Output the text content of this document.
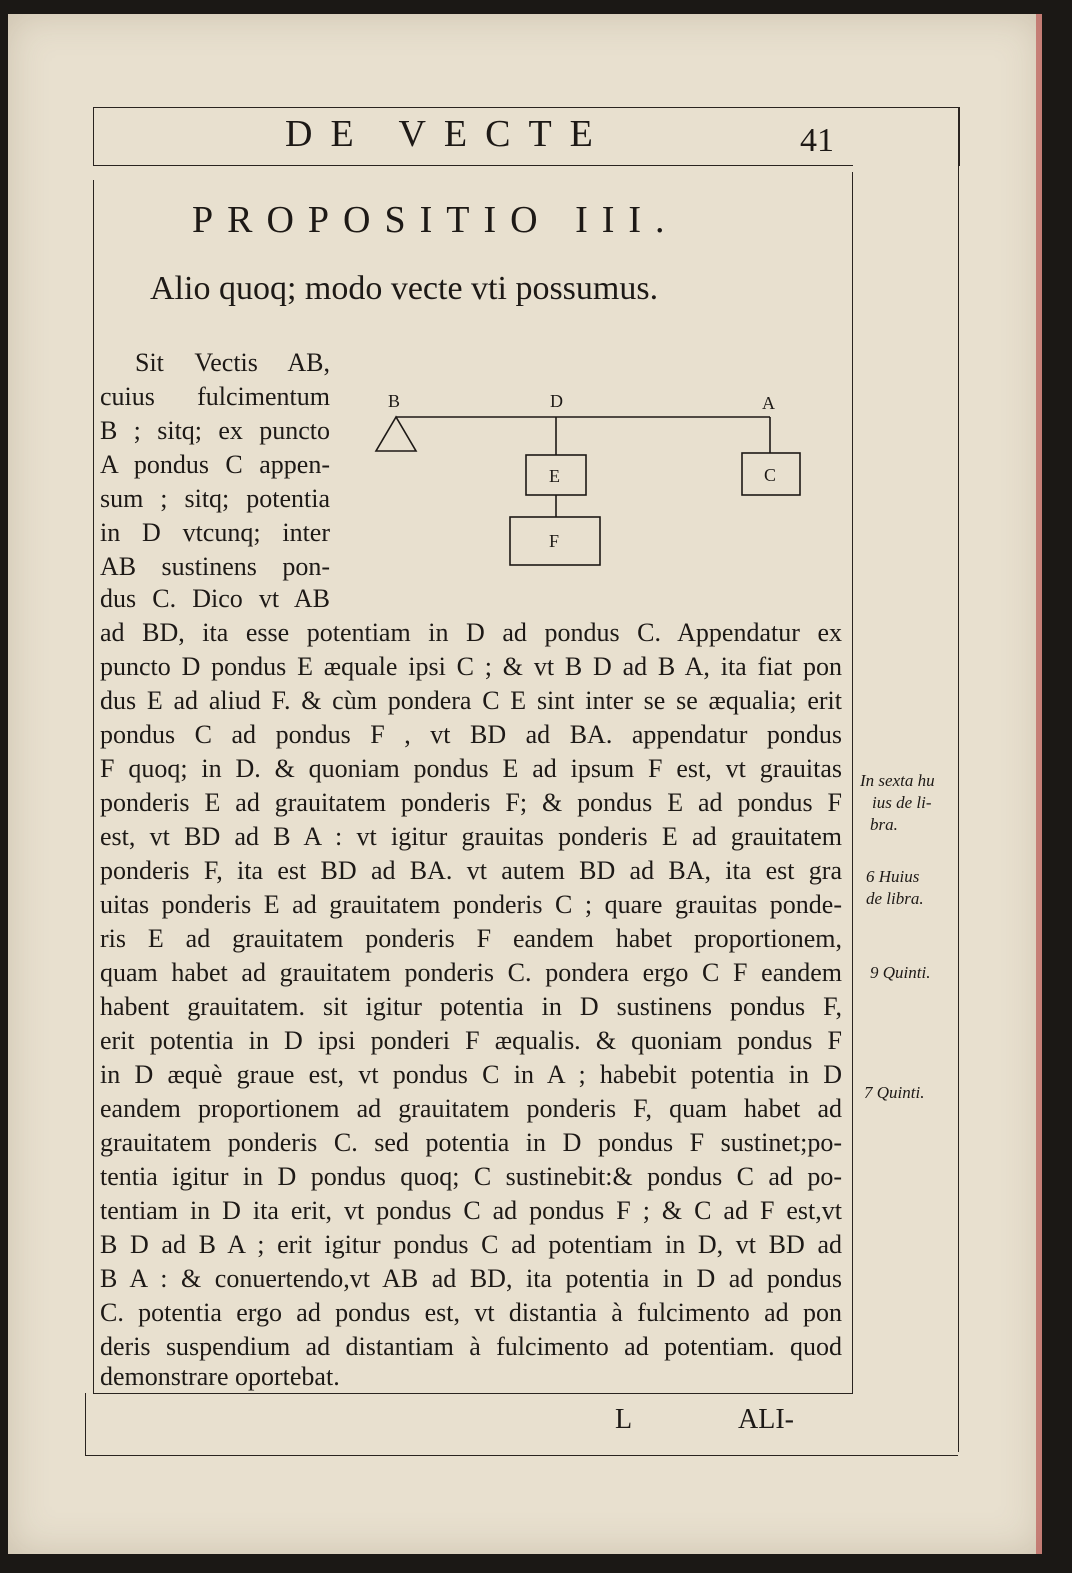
DE VECTE	41
PROPOSITIO III.
Alio quoq; modo vecte vti possumus.
Sit Vectis AB,
cuius fulcimentum
B ; sitq; ex puncto
A pondus C appen-
sum ; sitq; potentia
in D vtcunq; inter
AB sustinens pon-
dus C. Dico vt AB
B	D	A
E	C
F
ad BD, ita esse potentiam in D ad pondus C. Appendatur ex
puncto D pondus E æquale ipsi C ; & vt B D ad B A, ita fiat pon
dus E ad aliud F. & cùm pondera C E sint inter se se æqualia; erit
pondus C ad pondus F , vt BD ad BA. appendatur pondus
F quoq; in D. & quoniam pondus E ad ipsum F est, vt grauitas
ponderis E ad grauitatem ponderis F; & pondus E ad pondus F
est, vt BD ad B A : vt igitur grauitas ponderis E ad grauitatem
ponderis F, ita est BD ad BA. vt autem BD ad BA, ita est gra
uitas ponderis E ad grauitatem ponderis C ; quare grauitas ponde-
ris E ad grauitatem ponderis F eandem habet proportionem,
quam habet ad grauitatem ponderis C. pondera ergo C F eandem
habent grauitatem. sit igitur potentia in D sustinens pondus F,
erit potentia in D ipsi ponderi F æqualis. & quoniam pondus F
in D æquè graue est, vt pondus C in A ; habebit potentia in D
eandem proportionem ad grauitatem ponderis F, quam habet ad
grauitatem ponderis C. sed potentia in D pondus F sustinet;po-
tentia igitur in D pondus quoq; C sustinebit:& pondus C ad po-
tentiam in D ita erit, vt pondus C ad pondus F ; & C ad F est,vt
B D ad B A ; erit igitur pondus C ad potentiam in D, vt BD ad
B A : & conuertendo,vt AB ad BD, ita potentia in D ad pondus
C. potentia ergo ad pondus est, vt distantia à fulcimento ad pon
deris suspendium ad distantiam à fulcimento ad potentiam. quod
demonstrare oportebat.
In sexta hu
ius de li-
bra.
6 Huius
de libra.
9 Quinti.
7 Quinti.
L	ALI-
